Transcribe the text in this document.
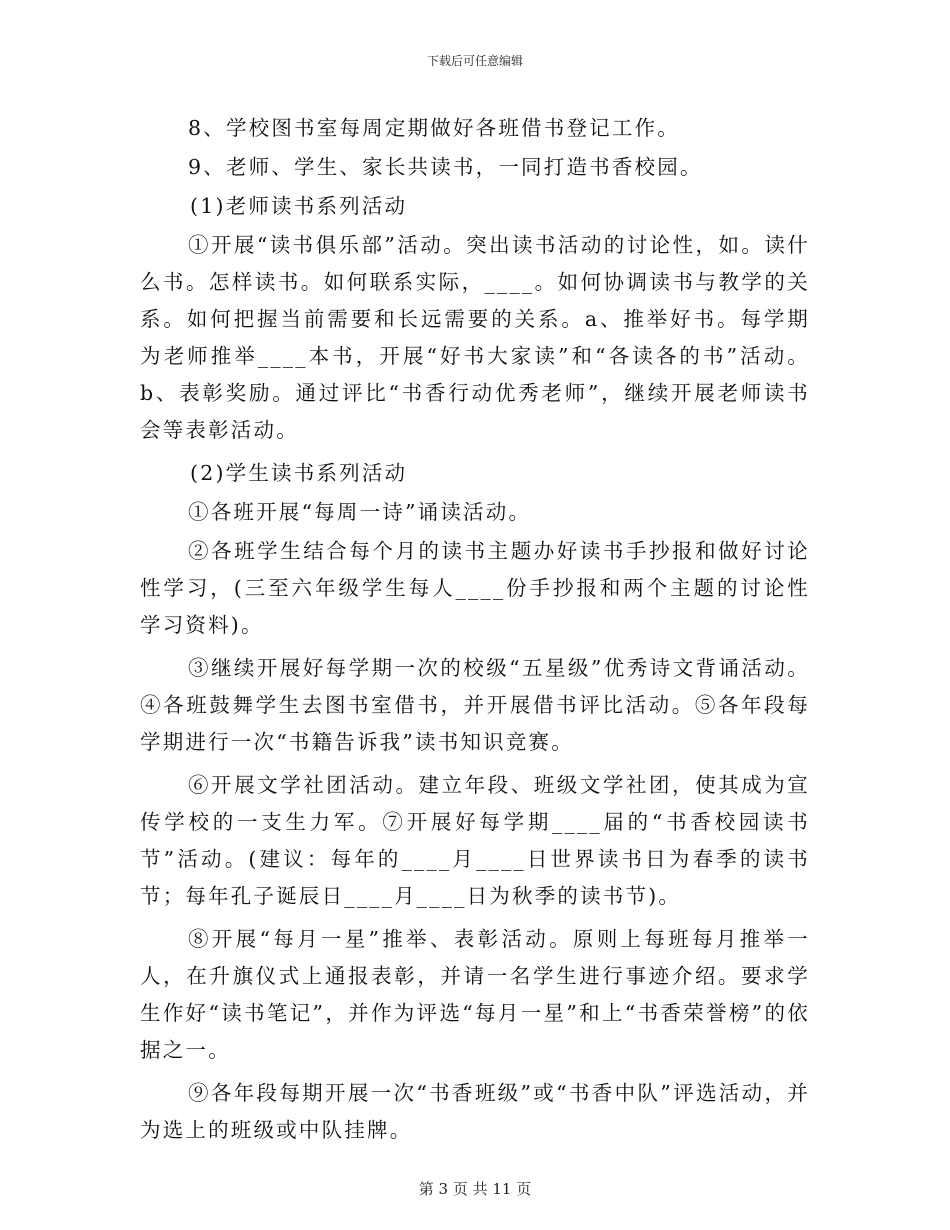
下载后可任意编辑

8、学校图书室每周定期做好各班借书登记工作。

9、老师、学生、家长共读书，一同打造书香校园。

(1)老师读书系列活动

①开展“读书俱乐部”活动。突出读书活动的讨论性，如。读什么书。怎样读书。如何联系实际，____。如何协调读书与教学的关系。如何把握当前需要和长远需要的关系。a、推举好书。每学期为老师推举____本书，开展“好书大家读”和“各读各的书”活动。b、表彰奖励。通过评比“书香行动优秀老师”，继续开展老师读书会等表彰活动。

(2)学生读书系列活动

①各班开展“每周一诗”诵读活动。

②各班学生结合每个月的读书主题办好读书手抄报和做好讨论性学习，(三至六年级学生每人____份手抄报和两个主题的讨论性学习资料)。

③继续开展好每学期一次的校级“五星级”优秀诗文背诵活动。④各班鼓舞学生去图书室借书，并开展借书评比活动。⑤各年段每学期进行一次“书籍告诉我”读书知识竞赛。

⑥开展文学社团活动。建立年段、班级文学社团，使其成为宣传学校的一支生力军。⑦开展好每学期____届的“书香校园读书节”活动。(建议：每年的____月____日世界读书日为春季的读书节；每年孔子诞辰日____月____日为秋季的读书节)。

⑧开展“每月一星”推举、表彰活动。原则上每班每月推举一人，在升旗仪式上通报表彰，并请一名学生进行事迹介绍。要求学生作好“读书笔记”，并作为评选“每月一星”和上“书香荣誉榜”的依据之一。

⑨各年段每期开展一次“书香班级”或“书香中队”评选活动，并为选上的班级或中队挂牌。

第 3 页 共 11 页
